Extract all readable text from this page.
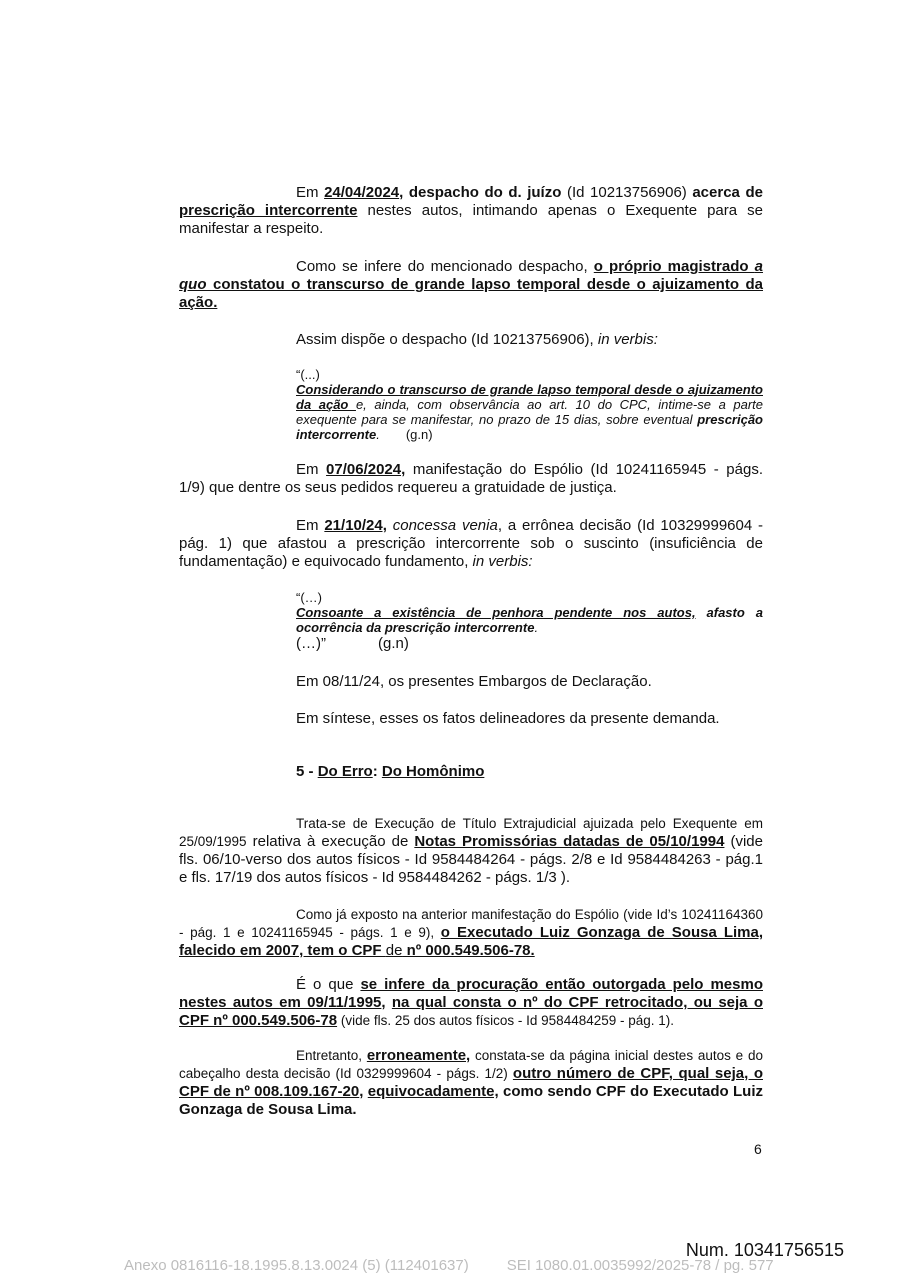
Em 24/04/2024, despacho do d. juízo (Id 10213756906) acerca de prescrição intercorrente nestes autos, intimando apenas o Exequente para se manifestar a respeito.
Como se infere do mencionado despacho, o próprio magistrado a quo constatou o transcurso de grande lapso temporal desde o ajuizamento da ação.
Assim dispõe o despacho (Id 10213756906), in verbis:
“(...)
Considerando o transcurso de grande lapso temporal desde o ajuizamento da ação e, ainda, com observância ao art. 10 do CPC, intime-se a parte exequente para se manifestar, no prazo de 15 dias, sobre eventual prescrição intercorrente. (g.n)
Em 07/06/2024, manifestação do Espólio (Id 10241165945 - págs. 1/9) que dentre os seus pedidos requereu a gratuidade de justiça.
Em 21/10/24, concessa venia, a errônea decisão (Id 10329999604 - pág. 1) que afastou a prescrição intercorrente sob o suscinto (insuficiência de fundamentação) e equivocado fundamento, in verbis:
“(…)
Consoante a existência de penhora pendente nos autos, afasto a ocorrência da prescrição intercorrente.
(…)”	(g.n)
Em 08/11/24, os presentes Embargos de Declaração.
Em síntese, esses os fatos delineadores da presente demanda.
5 - Do Erro: Do Homônimo
Trata-se de Execução de Título Extrajudicial ajuizada pelo Exequente em 25/09/1995 relativa à execução de Notas Promissórias datadas de 05/10/1994 (vide fls. 06/10-verso dos autos físicos - Id 9584484264 - págs. 2/8 e Id 9584484263 - pág.1 e fls. 17/19 dos autos físicos - Id 9584484262 - págs. 1/3 ).
Como já exposto na anterior manifestação do Espólio (vide Id’s 10241164360 - pág. 1 e 10241165945 - págs. 1 e 9), o Executado Luiz Gonzaga de Sousa Lima, falecido em 2007, tem o CPF de nº 000.549.506-78.
É o que se infere da procuração então outorgada pelo mesmo nestes autos em 09/11/1995, na qual consta o nº do CPF retrocitado, ou seja o CPF nº 000.549.506-78 (vide fls. 25 dos autos físicos - Id 9584484259 - pág. 1).
Entretanto, erroneamente, constata-se da página inicial destes autos e do cabeçalho desta decisão (Id 0329999604 - págs. 1/2) outro número de CPF, qual seja, o CPF de nº 008.109.167-20, equivocadamente, como sendo CPF do Executado Luiz Gonzaga de Sousa Lima.
6
Num. 10341756515
Anexo 0816116-18.1995.8.13.0024 (5) (112401637)	SEI 1080.01.0035992/2025-78 / pg. 577
